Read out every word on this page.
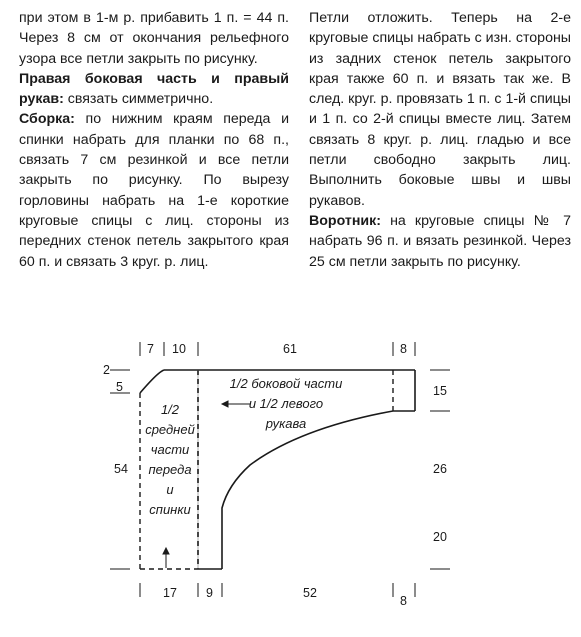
при этом в 1-м р. прибавить 1 п. = 44 п. Через 8 см от окончания рельефного узора все петли закрыть по рисунку.

Правая боковая часть и правый рукав: связать симметрично.

Сборка: по нижним краям переда и спинки набрать для планки по 68 п., связать 7 см резинкой и все петли закрыть по рисунку. По вырезу горловины набрать на 1-е короткие круговые спицы с лиц. стороны из передних стенок петель закрытого края 60 п. и связать 3 круг. р. лиц.

Петли отложить. Теперь на 2-е круговые спицы набрать с изн. стороны из задних стенок петель закрытого края также 60 п. и вязать так же. В след. круг. р. провязать 1 п. с 1-й спицы и 1 п. со 2-й спицы вместе лиц. Затем связать 8 круг. р. лиц. гладью и все петли свободно закрыть лиц. Выполнить боковые швы и швы рукавов.

Воротник: на круговые спицы № 7 набрать 96 п. и вязать резинкой. Через 25 см петли закрыть по рисунку.

7 10	61	8
2
5
54
15
26
20
17 9	52
8
1/2
средней
части
переда
и
спинки
1/2 боковой части
и 1/2 левого
рукава
